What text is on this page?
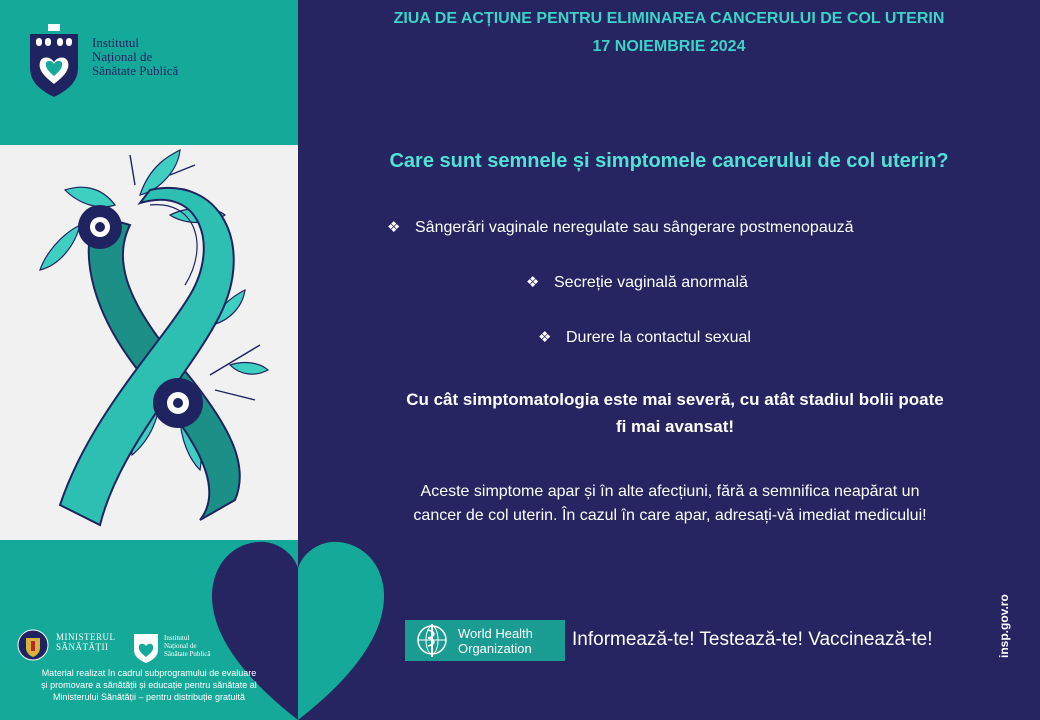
Institutul
Național de
Sănătate Publică
ZIUA DE ACȚIUNE PENTRU ELIMINAREA CANCERULUI DE COL UTERIN
17 NOIEMBRIE 2024
Care sunt semnele și simptomele cancerului de col uterin?
❖ Sângerări vaginale neregulate sau sângerare postmenopauză
❖ Secreție vaginală anormală
❖ Durere la contactul sexual
Cu cât simptomatologia este mai severă, cu atât stadiul bolii poate
fi mai avansat!
Aceste simptome apar și în alte afecțiuni, fără a semnifica neapărat un
cancer de col uterin. În cazul în care apar, adresați-vă imediat medicului!
World Health
Organization Informează-te! Testează-te! Vaccinează-te!
MINISTERUL
SĂNĂTĂȚII
Institutul
Național de
Sănătate Publică
Material realizat în cadrul subprogramului de evaluare
și promovare a sănătății și educație pentru sănătate al
Ministerului Sănătății – pentru distribuție gratuită
